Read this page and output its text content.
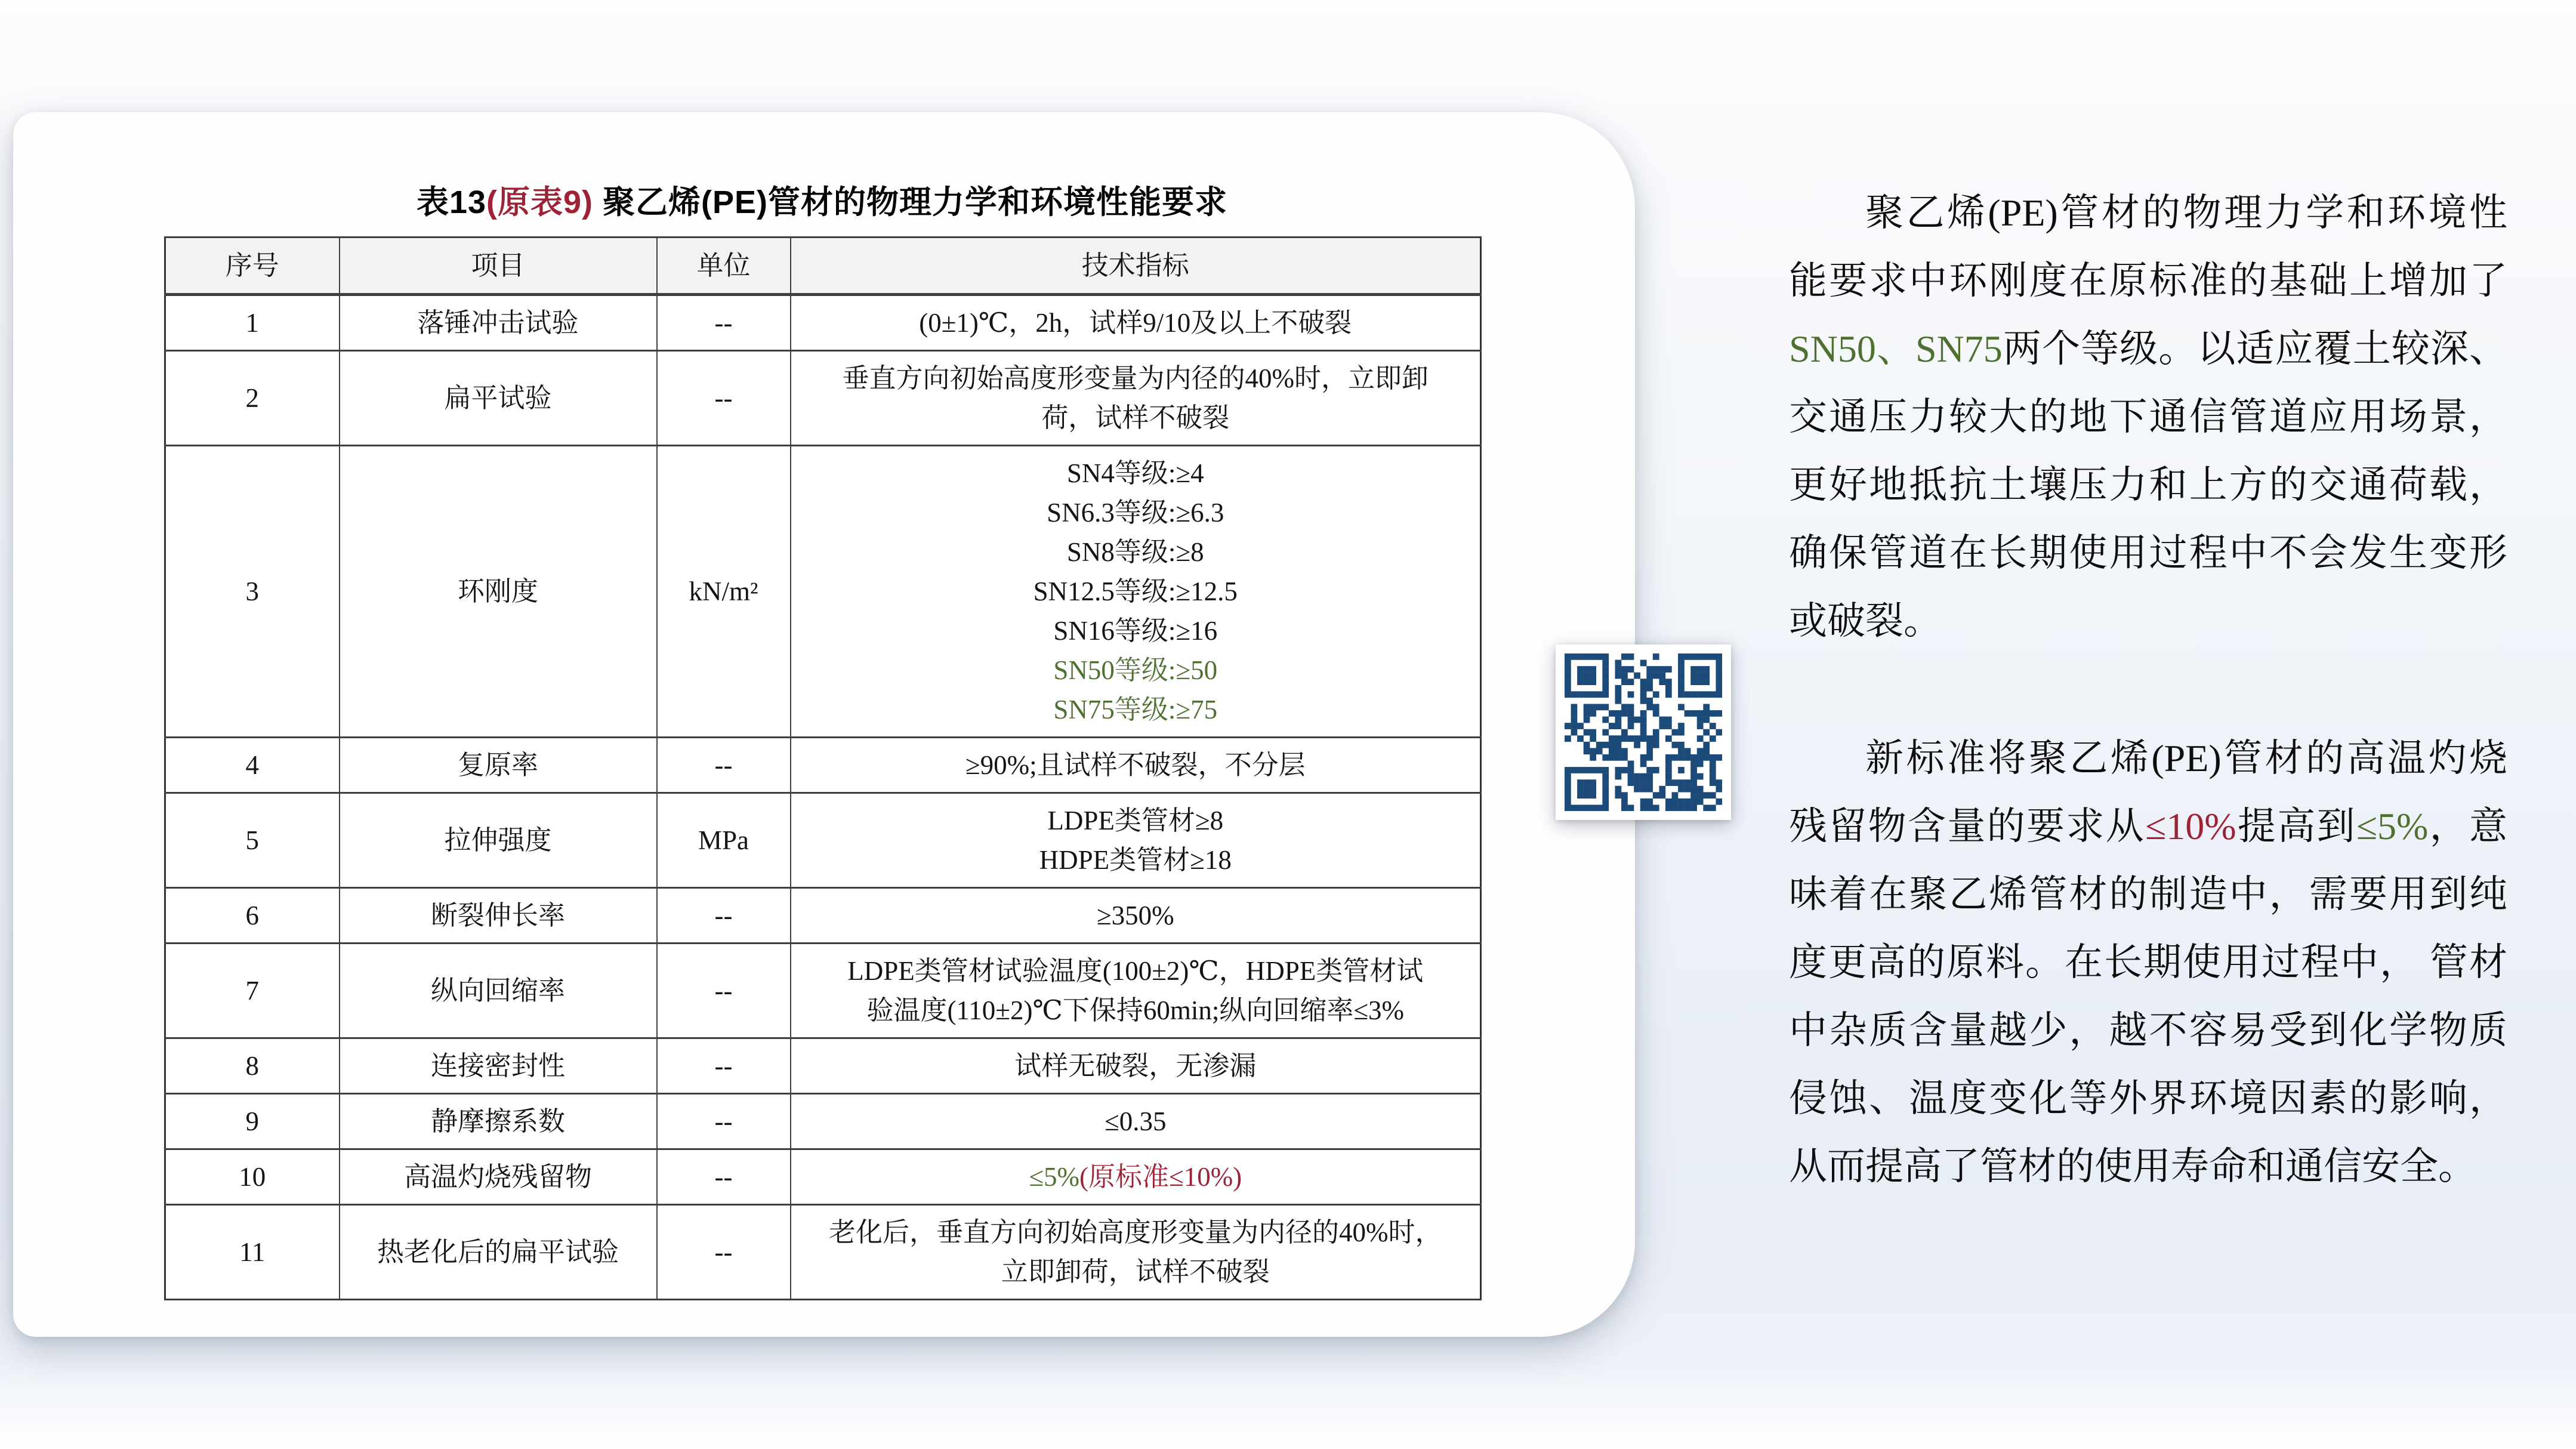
表13(原表9) 聚乙烯(PE)管材的物理力学和环境性能要求
序号	项目	单位	技术指标
1	落锤冲击试验	--	(0±1)℃，2h，试样9/10及以上不破裂

2	扁平试验	--	垂直方向初始高度形变量为内径的40%时，立即卸
荷，试样不破裂

3	环刚度	kN/m²	
SN4等级:≥4
SN6.3等级:≥6.3
SN8等级:≥8
SN12.5等级:≥12.5
SN16等级:≥16
SN50等级:≥50
SN75等级:≥75

4	复原率	--	≥90%;且试样不破裂，不分层

5	拉伸强度	MPa	LDPE类管材≥8
HDPE类管材≥18

6	断裂伸长率	--	≥350%

7	纵向回缩率	--	LDPE类管材试验温度(100±2)℃，HDPE类管材试
验温度(110±2)℃下保持60min;纵向回缩率≤3%

8	连接密封性	--	试样无破裂，无渗漏

9	静摩擦系数	--	≤0.35

10	高温灼烧残留物	--	≤5%(原标准≤10%)

11	热老化后的扁平试验	--	老化后，垂直方向初始高度形变量为内径的40%时，
立即卸荷，试样不破裂

聚乙烯(PE)管材的物理力学和环境性能要求中环刚度在原标准的基础上增加了SN50、SN75两个等级。以适应覆土较深、交通压力较大的地下通信管道应用场景，更好地抵抗土壤压力和上方的交通荷载，确保管道在长期使用过程中不会发生变形或破裂。

新标准将聚乙烯(PE)管材的高温灼烧残留物含量的要求从≤10%提高到≤5%，意味着在聚乙烯管材的制造中，需要用到纯度更高的原料。在长期使用过程中， 管材中杂质含量越少，越不容易受到化学物质侵蚀、温度变化等外界环境因素的影响，从而提高了管材的使用寿命和通信安全。
